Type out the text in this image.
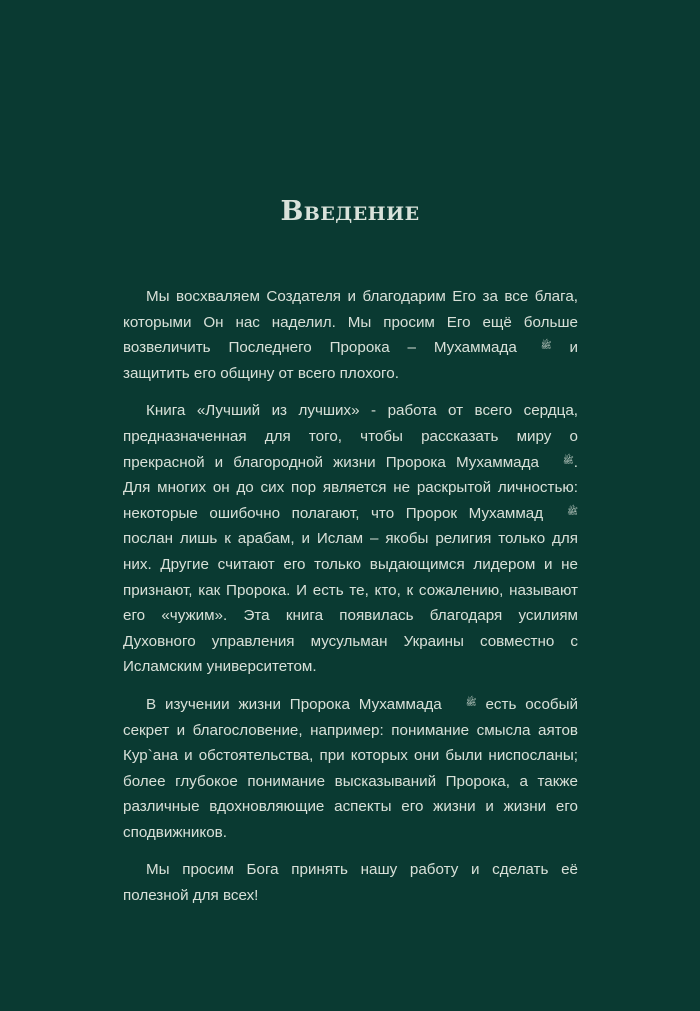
Введение

Мы восхваляем Создателя и благодарим Его за все блага, которыми Он нас наделил. Мы просим Его ещё больше возвеличить Последнего Пророка – Мухаммада	ﷺ и защитить его общину от всего плохого.

Книга «Лучший из лучших» - работа от всего сердца, предназначенная для того, чтобы рассказать миру о прекрасной и благородной жизни Пророка Мухаммада	ﷺ. Для многих он до сих пор является не раскрытой личностью: некоторые ошибочно полагают, что Пророк Мухаммад	ﷺ послан лишь к арабам, и Ислам – якобы религия только для них. Другие считают его только выдающимся лидером и не признают, как Пророка. И есть те, кто, к сожалению, называют его «чужим». Эта книга появилась благодаря усилиям Духовного управления мусульман Украины совместно с Исламским университетом.

В изучении жизни Пророка Мухаммада	ﷺ есть особый секрет и благословение, например: понимание смысла аятов Кур`ана и обстоятельства, при которых они были ниспосланы; более глубокое понимание высказываний Пророка, а также различные вдохновляющие аспекты его жизни и жизни его сподвижников.

Мы просим Бога принять нашу работу и сделать её полезной для всех!
